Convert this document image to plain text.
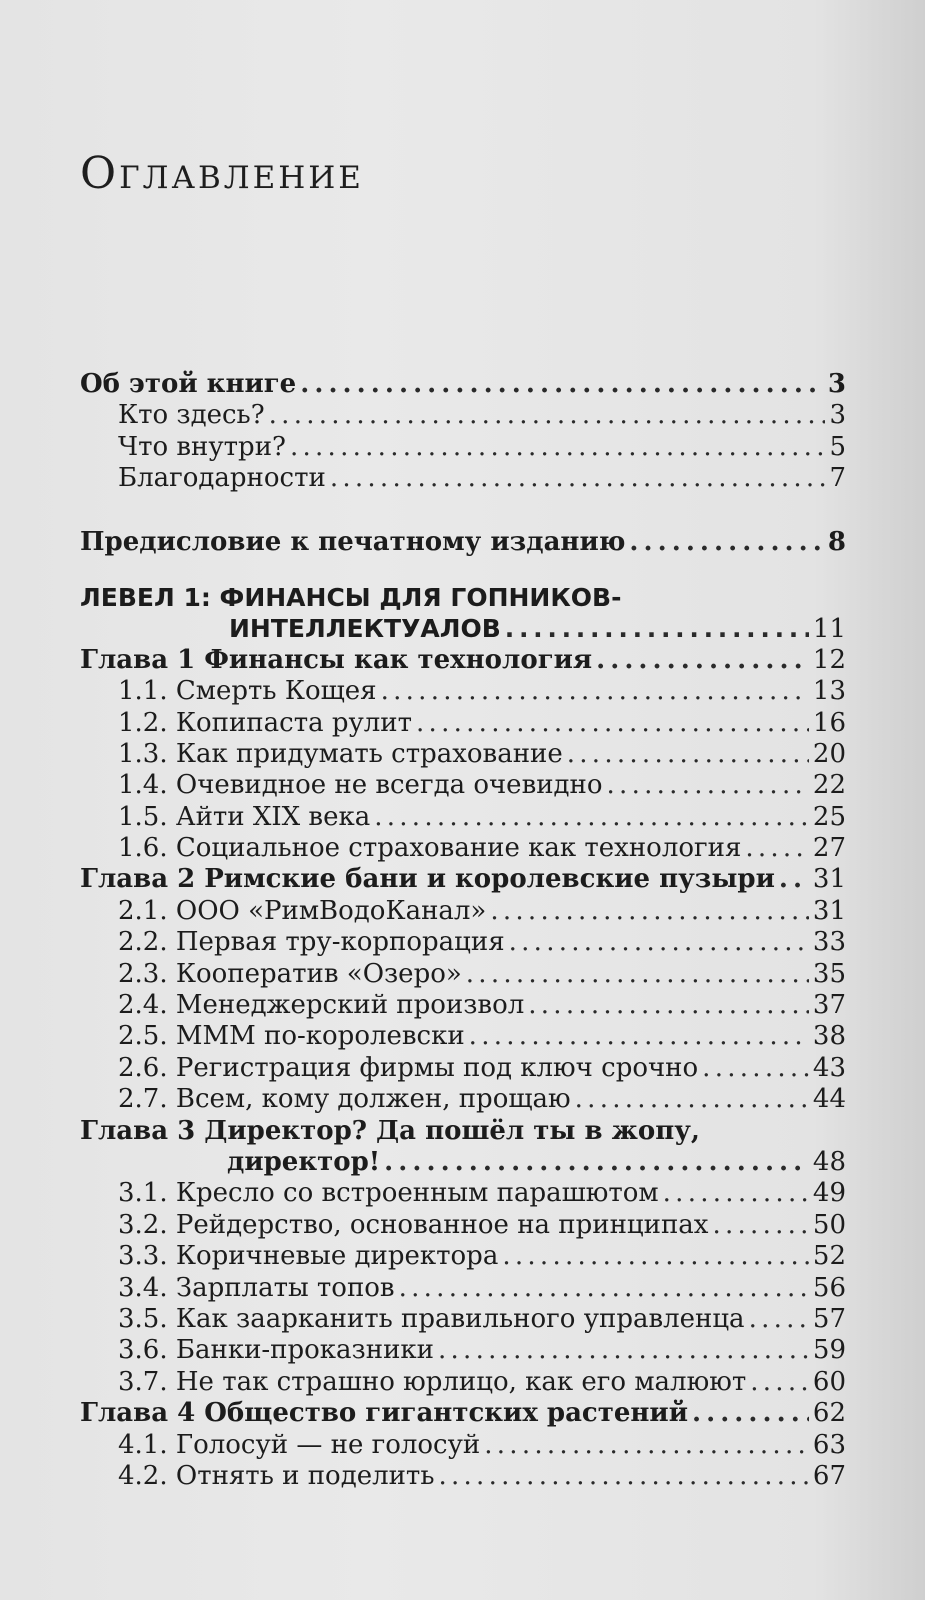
Оглавление
Об этой книге . . .	3
Кто здесь? . . .	3
Что внутри? . . .	5
Благодарности . . .	7
Предисловие к печатному изданию . . .	8
ЛЕВЕЛ 1: ФИНАНСЫ ДЛЯ ГОПНИКОВ-
ИНТЕЛЛЕКТУАЛОВ . . .	11
Глава 1 Финансы как технология . . .	12
1.1. Смерть Кощея . . .	13
1.2. Копипаста рулит . . .	16
1.3. Как придумать страхование . . .	20
1.4. Очевидное не всегда очевидно . . .	22
1.5. Айти XIX века . . .	25
1.6. Социальное страхование как технология . . .	27
Глава 2 Римские бани и королевские пузыри . . . 31
2.1. ООО «РимВодоКанал» . . .	31
2.2. Первая тру-корпорация . . .	33
2.3. Кооператив «Озеро» . . .	35
2.4. Менеджерский произвол . . .	37
2.5. МММ по-королевски . . .	38
2.6. Регистрация фирмы под ключ срочно . . .	43
2.7. Всем, кому должен, прощаю . . .	44
Глава 3 Директор? Да пошёл ты в жопу,
директор! . . .	48
3.1. Кресло со встроенным парашютом . . .	49
3.2. Рейдерство, основанное на принципах . . .	50
3.3. Коричневые директора . . .	52
3.4. Зарплаты топов . . .	56
3.5. Как заарканить правильного управленца . . .	57
3.6. Банки-проказники . . .	59
3.7. Не так страшно юрлицо, как его малюют . . .	60
Глава 4 Общество гигантских растений . . .	62
4.1. Голосуй — не голосуй . . .	63
4.2. Отнять и поделить . . .	67
